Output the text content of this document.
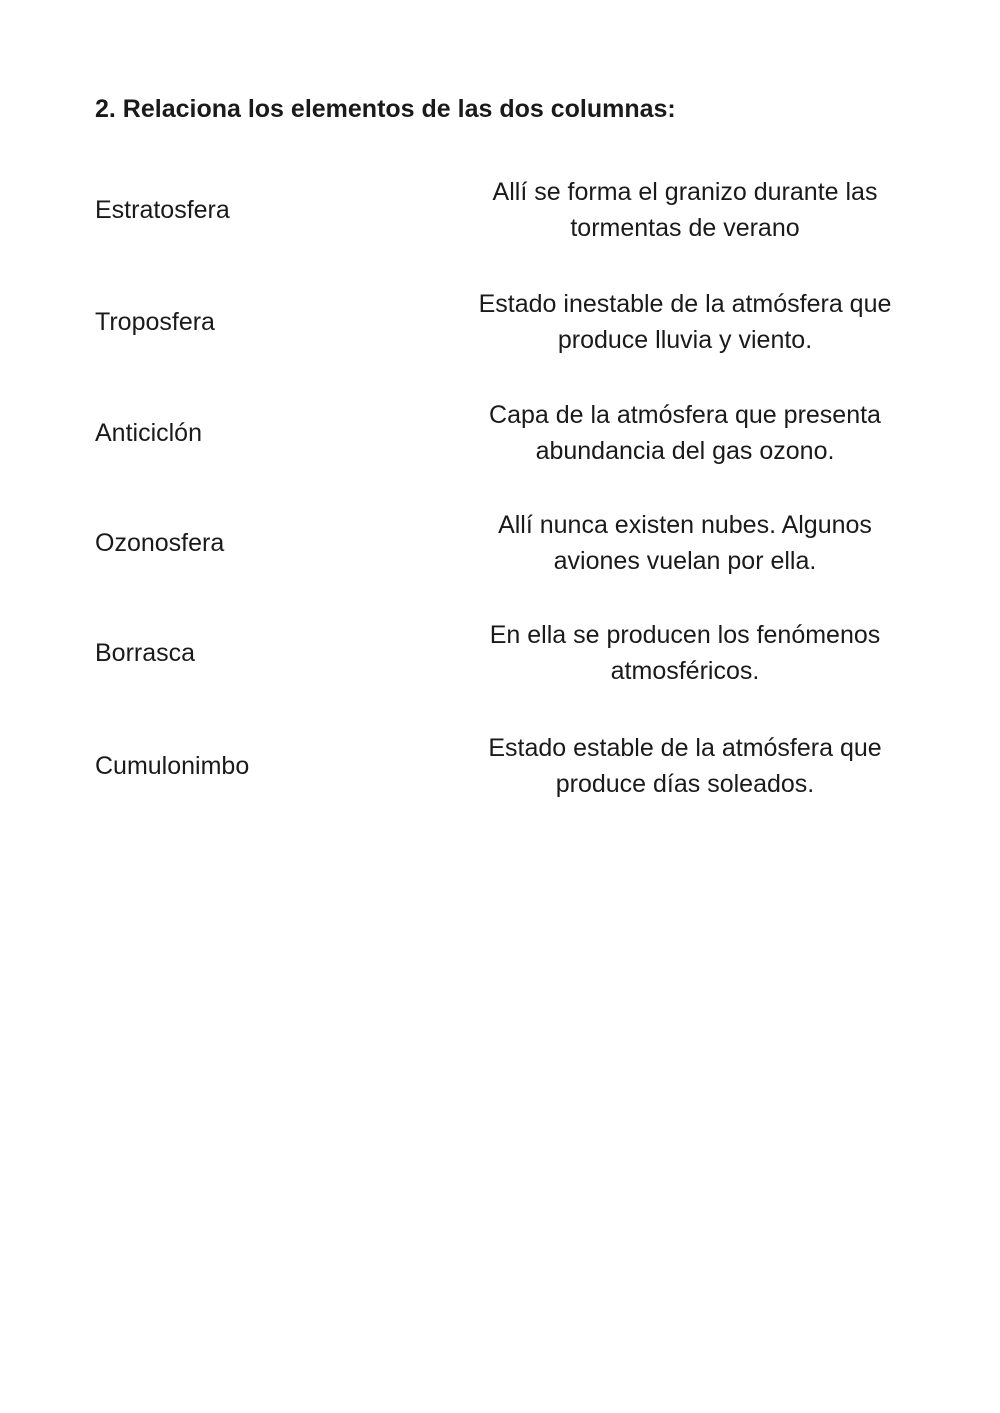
2. Relaciona los elementos de las dos columnas:
Estratosfera
Allí se forma el granizo durante las tormentas de verano
Troposfera
Estado inestable de la atmósfera que produce lluvia y viento.
Anticiclón
Capa de la atmósfera que presenta abundancia del gas ozono.
Ozonosfera
Allí nunca existen nubes. Algunos aviones vuelan por ella.
Borrasca
En ella se producen los fenómenos atmosféricos.
Cumulonimbo
Estado estable de la atmósfera que produce días soleados.
